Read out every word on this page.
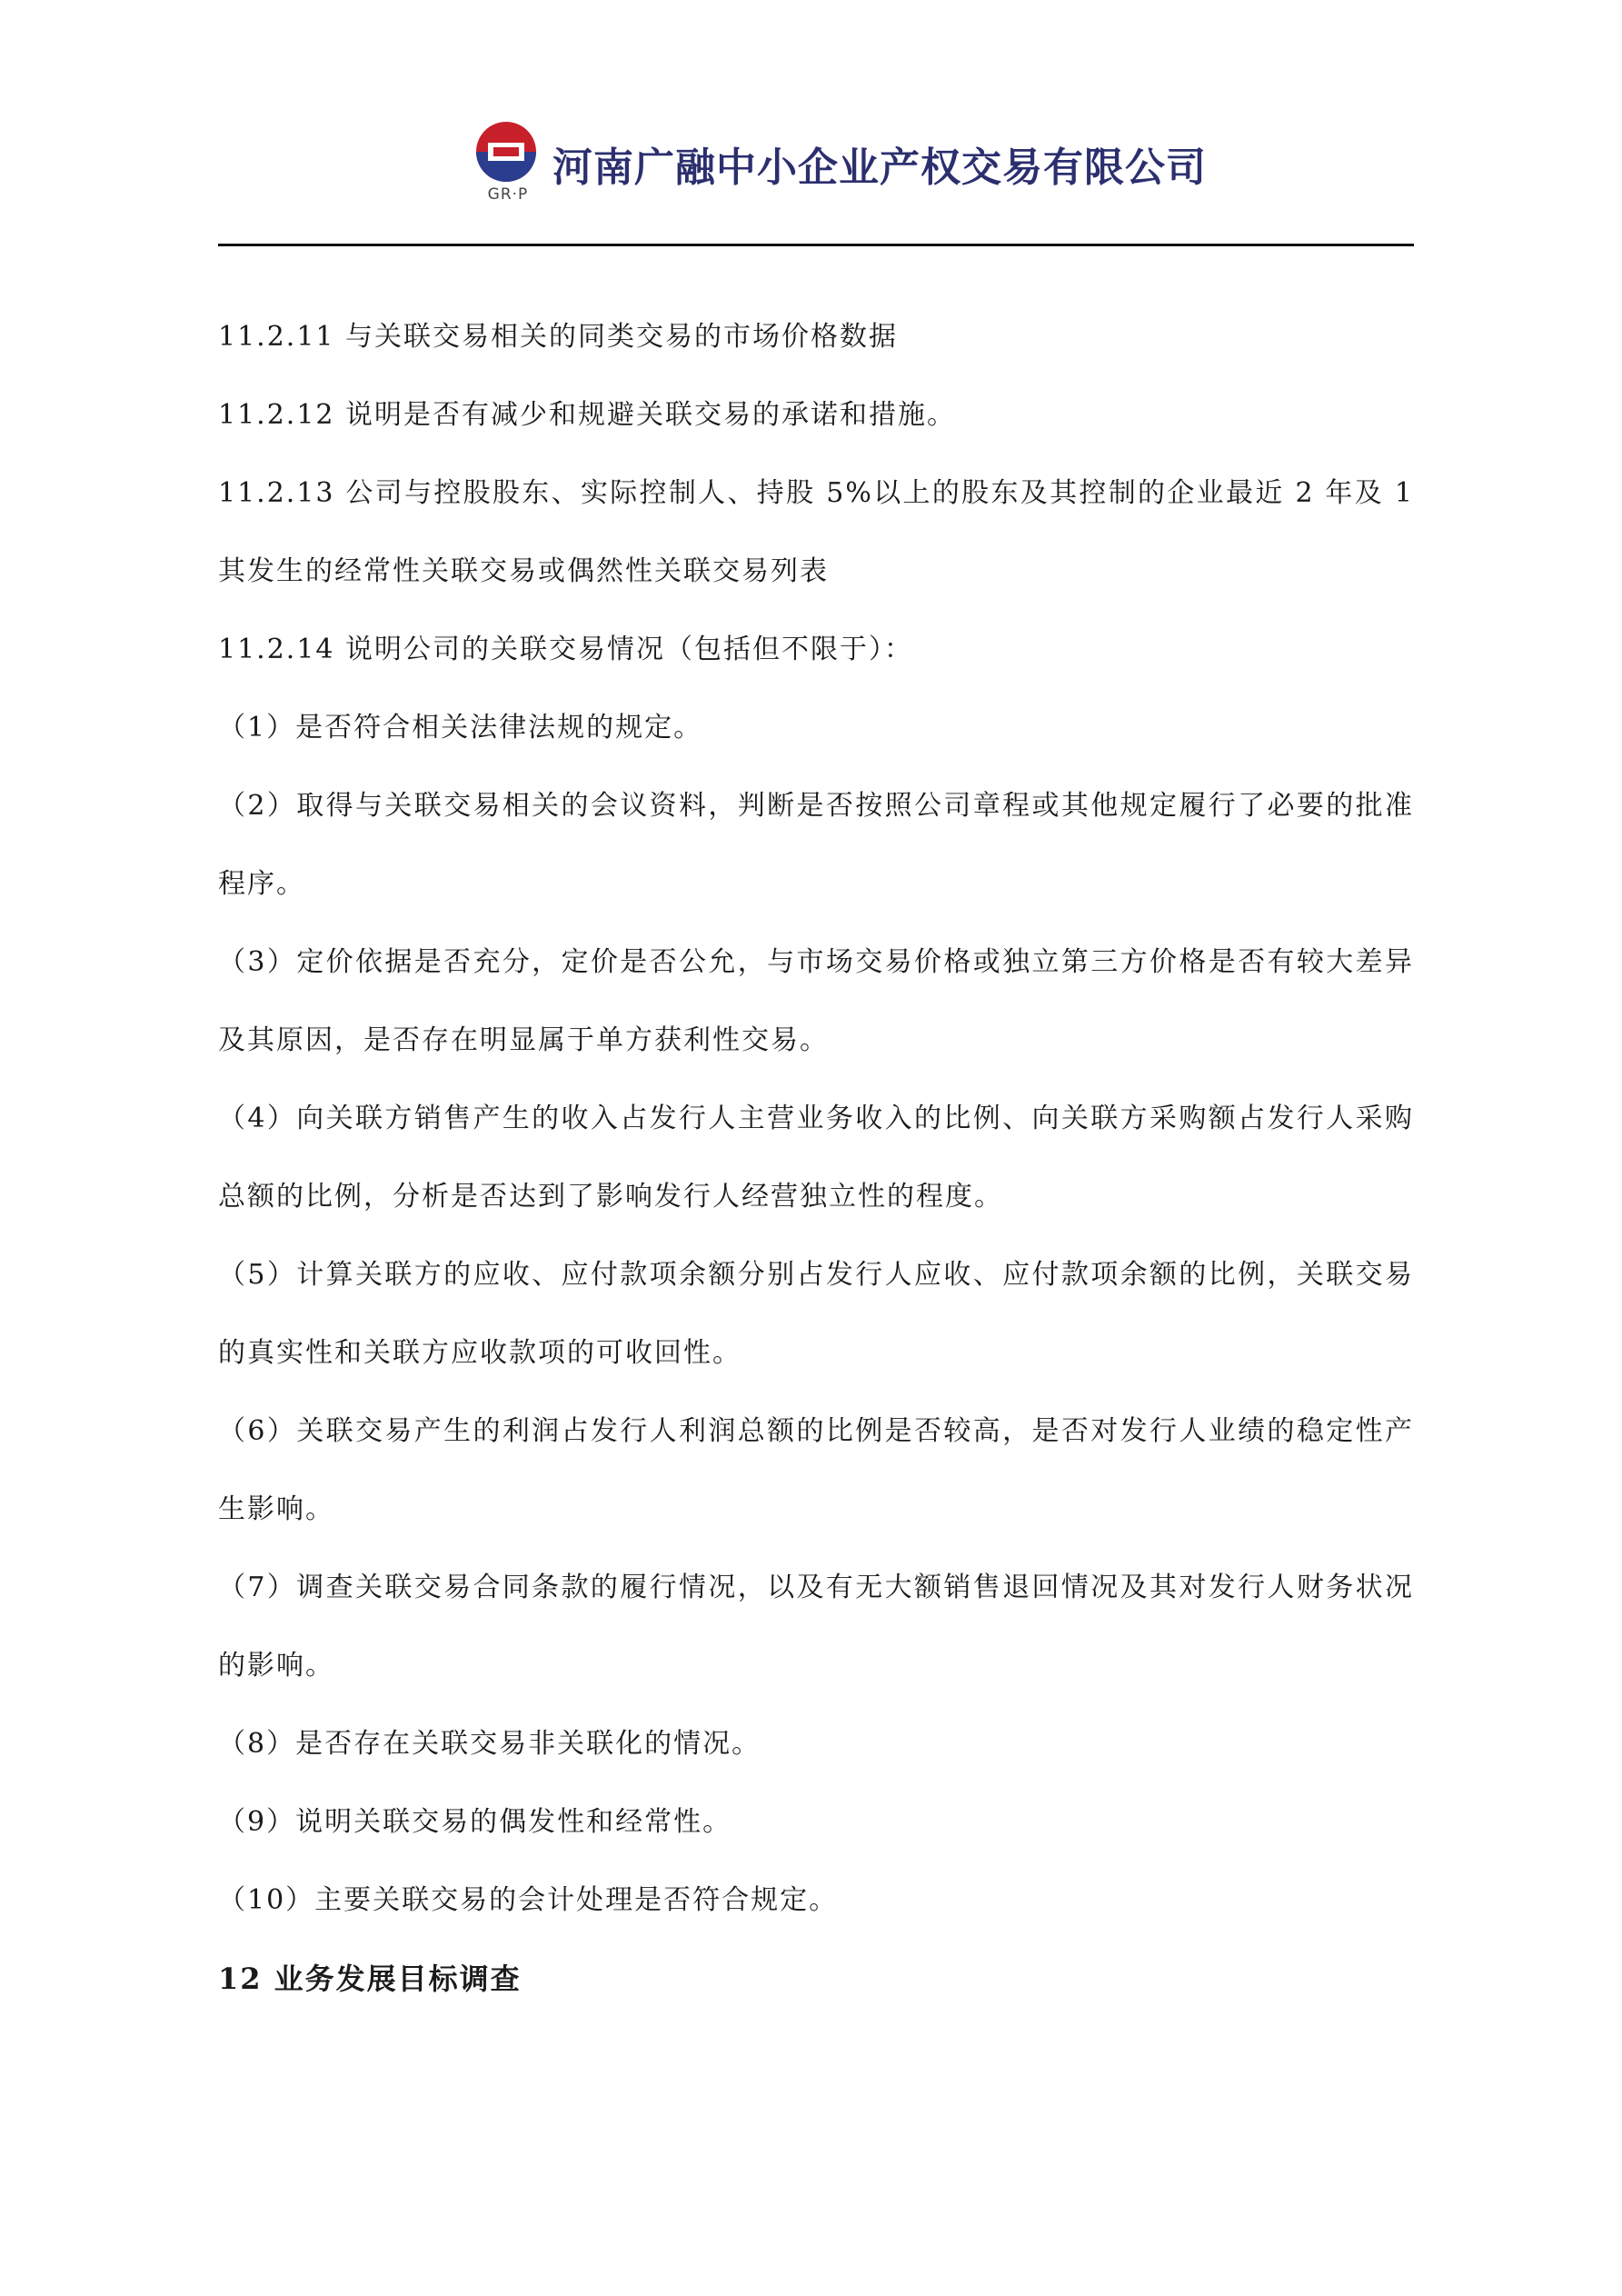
GR·P
河南广融中小企业产权交易有限公司

11.2.11 与关联交易相关的同类交易的市场价格数据

11.2.12 说明是否有减少和规避关联交易的承诺和措施。

11.2.13 公司与控股股东、实际控制人、持股 5%以上的股东及其控制的企业最近 2 年及 1 其发生的经常性关联交易或偶然性关联交易列表

11.2.14 说明公司的关联交易情况（包括但不限于）：

（1）是否符合相关法律法规的规定。

（2）取得与关联交易相关的会议资料，判断是否按照公司章程或其他规定履行了必要的批准程序。

（3）定价依据是否充分，定价是否公允，与市场交易价格或独立第三方价格是否有较大差异及其原因，是否存在明显属于单方获利性交易。

（4）向关联方销售产生的收入占发行人主营业务收入的比例、向关联方采购额占发行人采购总额的比例，分析是否达到了影响发行人经营独立性的程度。

（5）计算关联方的应收、应付款项余额分别占发行人应收、应付款项余额的比例，关联交易的真实性和关联方应收款项的可收回性。

（6）关联交易产生的利润占发行人利润总额的比例是否较高，是否对发行人业绩的稳定性产生影响。

（7）调查关联交易合同条款的履行情况，以及有无大额销售退回情况及其对发行人财务状况的影响。

（8）是否存在关联交易非关联化的情况。

（9）说明关联交易的偶发性和经常性。

（10）主要关联交易的会计处理是否符合规定。

12 业务发展目标调查
